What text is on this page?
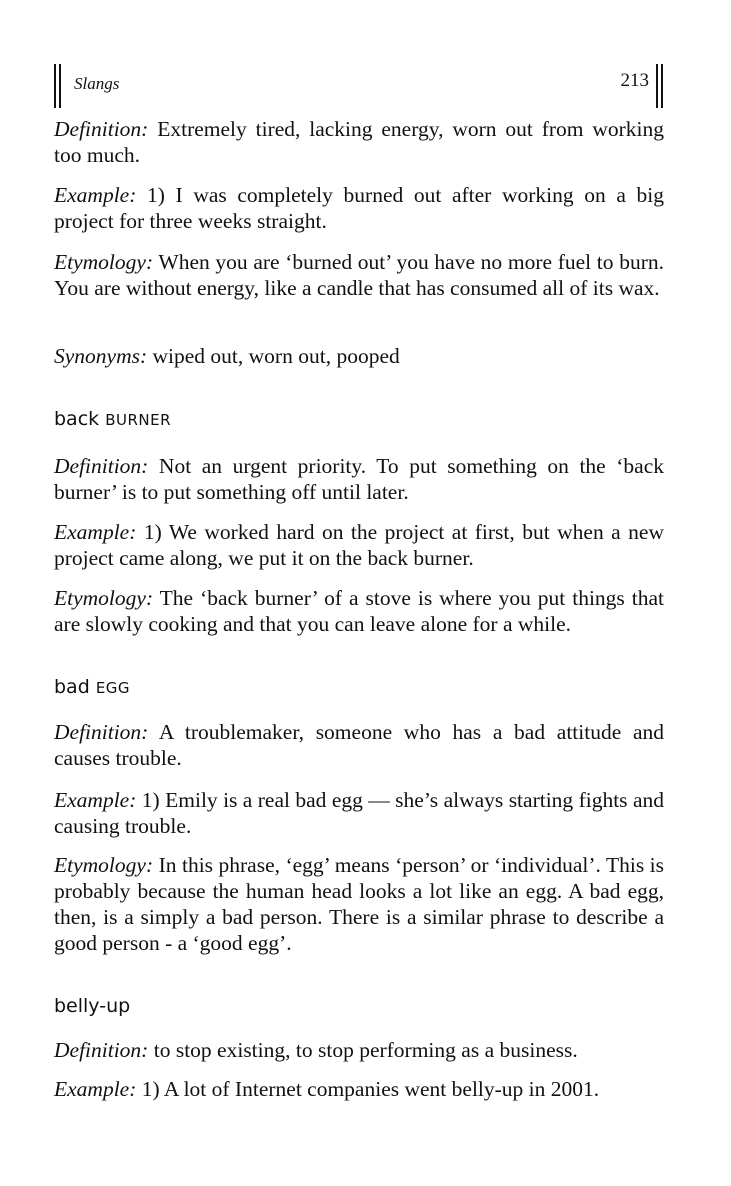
Slangs	213

Definition: Extremely tired, lacking energy, worn out from working too much.

Example: 1) I was completely burned out after working on a big project for three weeks straight.

Etymology: When you are ‘burned out’ you have no more fuel to burn. You are without energy, like a candle that has consumed all of its wax.

Synonyms: wiped out, worn out, pooped

back BURNER

Definition: Not an urgent priority. To put something on the ‘back burner’ is to put something off until later.

Example: 1) We worked hard on the project at first, but when a new project came along, we put it on the back burner.

Etymology: The ‘back burner’ of a stove is where you put things that are slowly cooking and that you can leave alone for a while.

bad EGG

Definition: A troublemaker, someone who has a bad attitude and causes trouble.

Example: 1) Emily is a real bad egg — she’s always starting fights and causing trouble.

Etymology: In this phrase, ‘egg’ means ‘person’ or ‘individual’. This is probably because the human head looks a lot like an egg. A bad egg, then, is a simply a bad person. There is a similar phrase to describe a good person - a ‘good egg’.

belly-up

Definition: to stop existing, to stop performing as a business.

Example: 1) A lot of Internet companies went belly-up in 2001.
